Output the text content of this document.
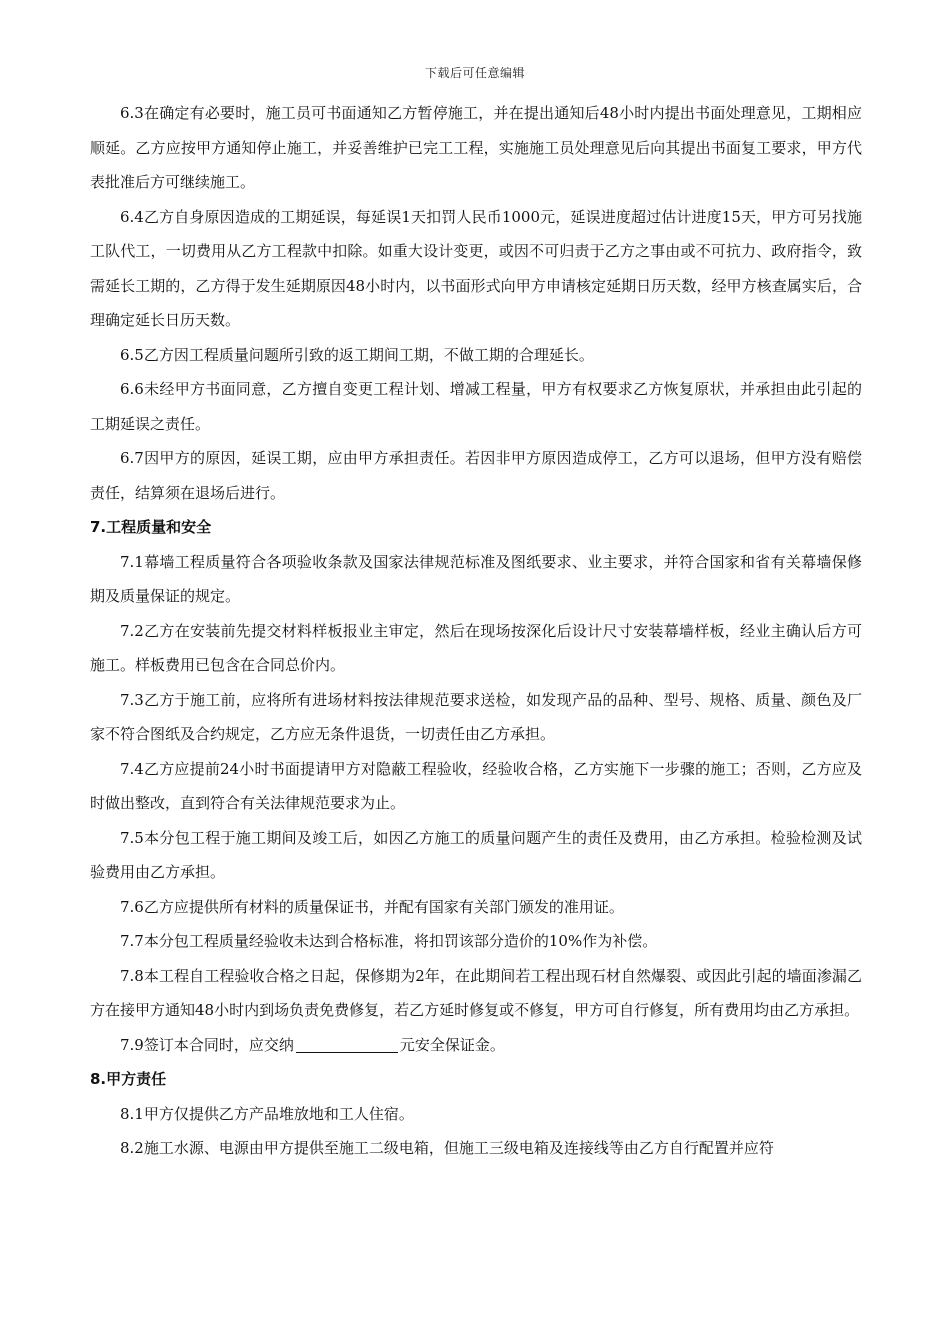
下载后可任意编辑

6.3在确定有必要时，施工员可书面通知乙方暂停施工，并在提出通知后48小时内提出书面处理意见，工期相应顺延。乙方应按甲方通知停止施工，并妥善维护已完工工程，实施施工员处理意见后向其提出书面复工要求，甲方代表批准后方可继续施工。

6.4乙方自身原因造成的工期延误，每延误1天扣罚人民币1000元，延误进度超过估计进度15天，甲方可另找施工队代工，一切费用从乙方工程款中扣除。如重大设计变更，或因不可归责于乙方之事由或不可抗力、政府指令，致需延长工期的，乙方得于发生延期原因48小时内，以书面形式向甲方申请核定延期日历天数，经甲方核查属实后，合理确定延长日历天数。

6.5乙方因工程质量问题所引致的返工期间工期，不做工期的合理延长。

6.6未经甲方书面同意，乙方擅自变更工程计划、增减工程量，甲方有权要求乙方恢复原状，并承担由此引起的工期延误之责任。

6.7因甲方的原因，延误工期，应由甲方承担责任。若因非甲方原因造成停工，乙方可以退场，但甲方没有赔偿责任，结算须在退场后进行。

7.工程质量和安全

7.1幕墙工程质量符合各项验收条款及国家法律规范标准及图纸要求、业主要求，并符合国家和省有关幕墙保修期及质量保证的规定。

7.2乙方在安装前先提交材料样板报业主审定，然后在现场按深化后设计尺寸安装幕墙样板，经业主确认后方可施工。样板费用已包含在合同总价内。

7.3乙方于施工前，应将所有进场材料按法律规范要求送检，如发现产品的品种、型号、规格、质量、颜色及厂家不符合图纸及合约规定，乙方应无条件退货，一切责任由乙方承担。

7.4乙方应提前24小时书面提请甲方对隐蔽工程验收，经验收合格，乙方实施下一步骤的施工；否则，乙方应及时做出整改，直到符合有关法律规范要求为止。

7.5本分包工程于施工期间及竣工后，如因乙方施工的质量问题产生的责任及费用，由乙方承担。检验检测及试验费用由乙方承担。

7.6乙方应提供所有材料的质量保证书，并配有国家有关部门颁发的准用证。

7.7本分包工程质量经验收未达到合格标准，将扣罚该部分造价的10%作为补偿。

7.8本工程自工程验收合格之日起，保修期为2年，在此期间若工程出现石材自然爆裂、或因此引起的墙面渗漏乙方在接甲方通知48小时内到场负责免费修复，若乙方延时修复或不修复，甲方可自行修复，所有费用均由乙方承担。

7.9签订本合同时，应交纳	元安全保证金。

8.甲方责任

8.1甲方仅提供乙方产品堆放地和工人住宿。

8.2施工水源、电源由甲方提供至施工二级电箱，但施工三级电箱及连接线等由乙方自行配置并应符
